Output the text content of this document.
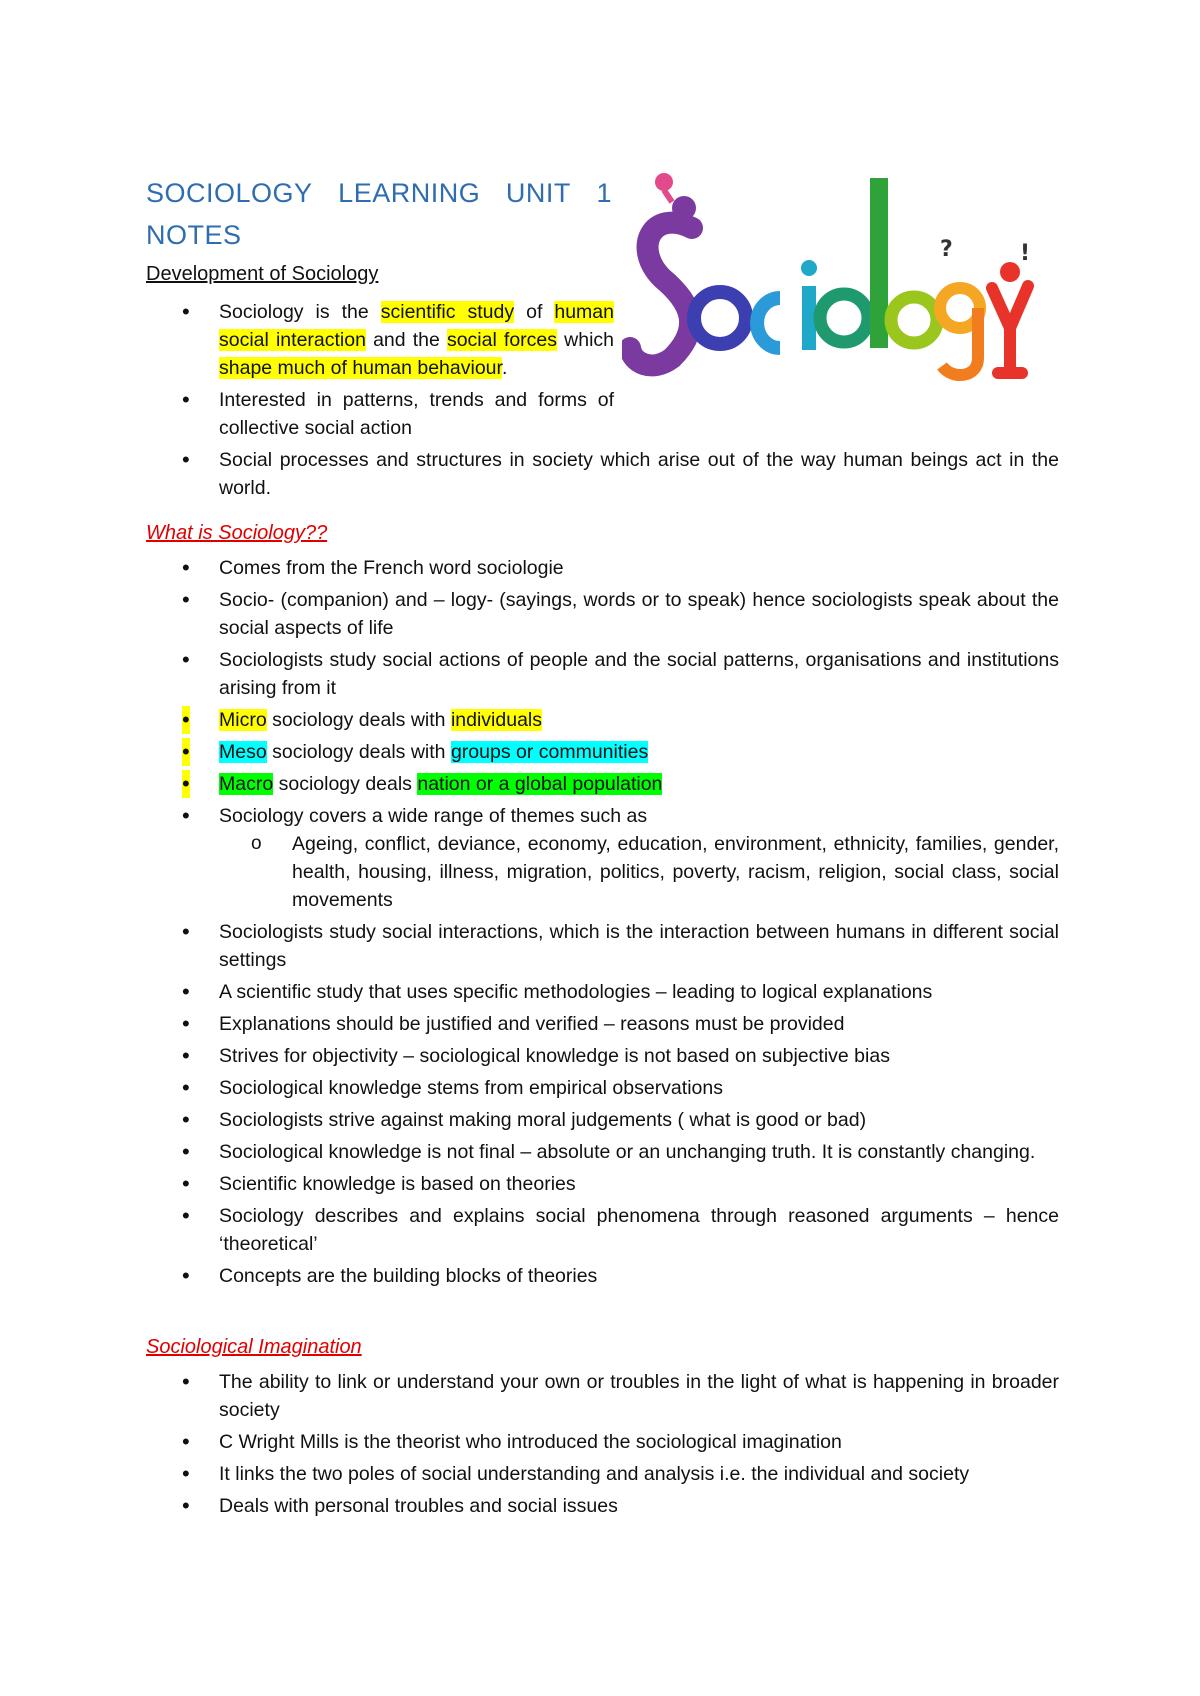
SOCIOLOGY LEARNING UNIT 1
NOTES	?	!
Development of Sociology
• Sociology is the scientific study of human social interaction and the social forces which shape much of human behaviour.
• Interested in patterns, trends and forms of collective social action
• Social processes and structures in society which arise out of the way human beings act in the world.
What is Sociology??
• Comes from the French word sociologie
• Socio- (companion) and – logy- (sayings, words or to speak) hence sociologists speak about the social aspects of life
• Sociologists study social actions of people and the social patterns, organisations and institutions arising from it
• Micro sociology deals with individuals
• Meso sociology deals with groups or communities
• Macro sociology deals nation or a global population
• Sociology covers a wide range of themes such as
o Ageing, conflict, deviance, economy, education, environment, ethnicity, families, gender, health, housing, illness, migration, politics, poverty, racism, religion, social class, social movements
• Sociologists study social interactions, which is the interaction between humans in different social settings
• A scientific study that uses specific methodologies – leading to logical explanations
• Explanations should be justified and verified – reasons must be provided
• Strives for objectivity – sociological knowledge is not based on subjective bias
• Sociological knowledge stems from empirical observations
• Sociologists strive against making moral judgements ( what is good or bad)
• Sociological knowledge is not final – absolute or an unchanging truth. It is constantly changing.
• Scientific knowledge is based on theories
• Sociology describes and explains social phenomena through reasoned arguments – hence ‘theoretical’
• Concepts are the building blocks of theories
Sociological Imagination
• The ability to link or understand your own or troubles in the light of what is happening in broader society
• C Wright Mills is the theorist who introduced the sociological imagination
• It links the two poles of social understanding and analysis i.e. the individual and society
• Deals with personal troubles and social issues
